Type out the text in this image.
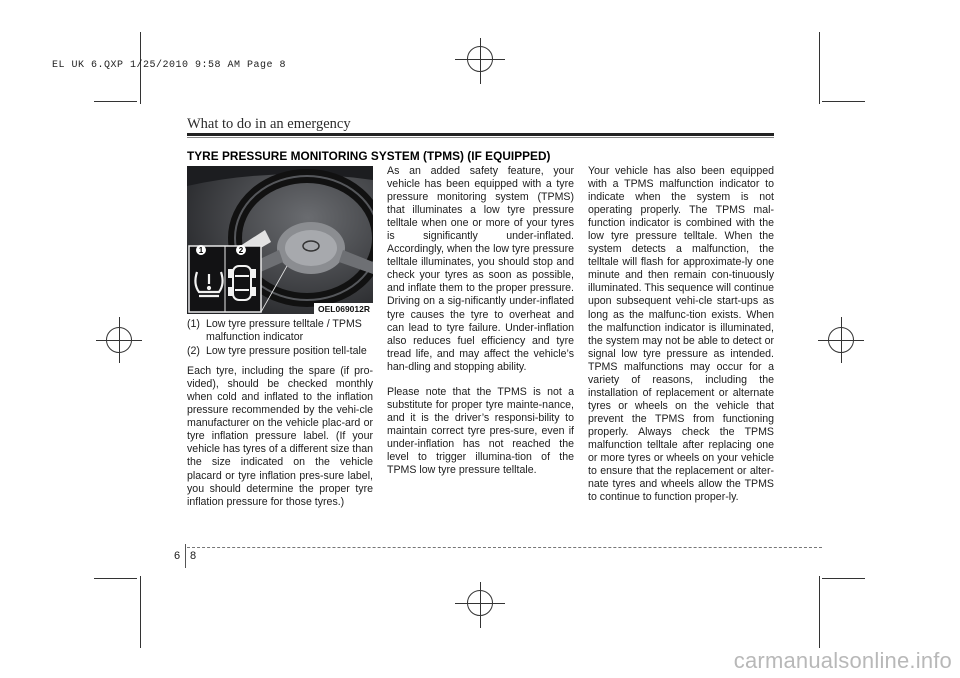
EL UK 6.QXP 1/25/2010 9:58 AM Page 8
What to do in an emergency
TYRE PRESSURE MONITORING SYSTEM (TPMS) (IF EQUIPPED)
1	2
OEL069012R
(1) Low tyre pressure telltale / TPMS malfunction indicator
(2) Low tyre pressure position tell-tale

Each tyre, including the spare (if pro-vided), should be checked monthly when cold and inflated to the inflation pressure recommended by the vehi-cle manufacturer on the vehicle plac-ard or tyre inflation pressure label. (If your vehicle has tyres of a different size than the size indicated on the vehicle placard or tyre inflation pres-sure label, you should determine the proper tyre inflation pressure for those tyres.)

As an added safety feature, your vehicle has been equipped with a tyre pressure monitoring system (TPMS) that illuminates a low tyre pressure telltale when one or more of your tyres is significantly under-inflated. Accordingly, when the low tyre pressure telltale illuminates, you should stop and check your tyres as soon as possible, and inflate them to the proper pressure. Driving on a sig-nificantly under-inflated tyre causes the tyre to overheat and can lead to tyre failure. Under-inflation also reduces fuel efficiency and tyre tread life, and may affect the vehicle’s han-dling and stopping ability.

Please note that the TPMS is not a substitute for proper tyre mainte-nance, and it is the driver’s responsi-bility to maintain correct tyre pres-sure, even if under-inflation has not reached the level to trigger illumina-tion of the TPMS low tyre pressure telltale.

Your vehicle has also been equipped with a TPMS malfunction indicator to indicate when the system is not operating properly. The TPMS mal-function indicator is combined with the low tyre pressure telltale. When the system detects a malfunction, the telltale will flash for approximate-ly one minute and then remain con-tinuously illuminated. This sequence will continue upon subsequent vehi-cle start-ups as long as the malfunc-tion exists. When the malfunction indicator is illuminated, the system may not be able to detect or signal low tyre pressure as intended. TPMS malfunctions may occur for a variety of reasons, including the installation of replacement or alternate tyres or wheels on the vehicle that prevent the TPMS from functioning properly. Always check the TPMS malfunction telltale after replacing one or more tyres or wheels on your vehicle to ensure that the replacement or alter-nate tyres and wheels allow the TPMS to continue to function proper-ly.

6 8
carmanualsonline.info
